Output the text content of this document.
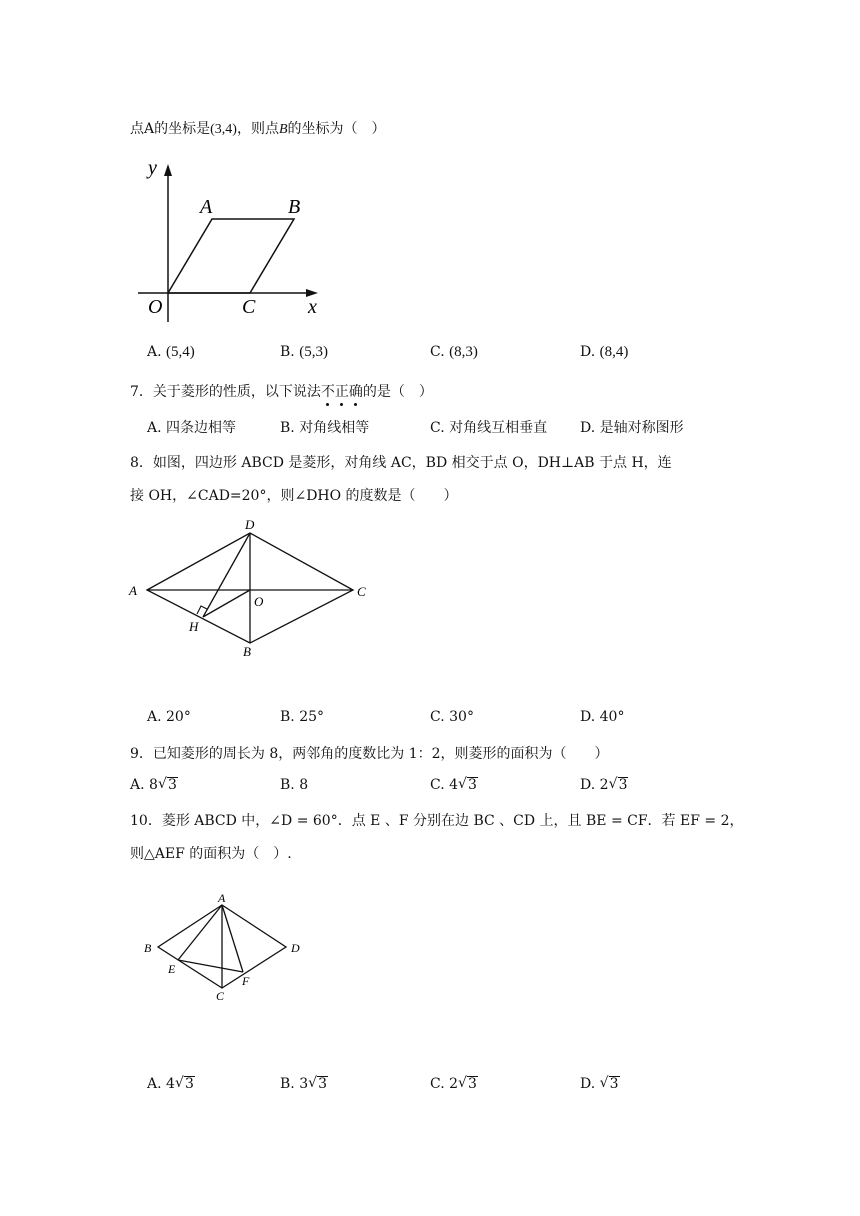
点A的坐标是(3,4)，则点B的坐标为（　）
y
x
O
A	B
C
A. (5,4)	B. (5,3)	C. (8,3)	D. (8,4)
7．关于菱形的性质，以下说法不正确的是（　）
A. 四条边相等	B. 对角线相等	C. 对角线互相垂直 D. 是轴对称图形
8．如图，四边形 ABCD 是菱形，对角线 AC，BD 相交于点 O，DH⊥AB 于点 H，连
接 OH，∠CAD=20°，则∠DHO 的度数是（　　）
A
D
C
B
O
H
A. 20°	B. 25°	C. 30°	D. 40°
9．已知菱形的周长为 8，两邻角的度数比为 1：2，则菱形的面积为（　　）
A. 8 √ 3	B. 8	C. 4 √ 3	D. 2 √ 3
10．菱形 ABCD 中，∠D = 60°．点 E 、F 分别在边 BC 、CD 上，且 BE = CF．若 EF = 2，
则△AEF 的面积为（　）.
A
B	D
C
E
F
A. 4 √ 3	B. 3 √ 3	C. 2 √ 3	D. √ 3
